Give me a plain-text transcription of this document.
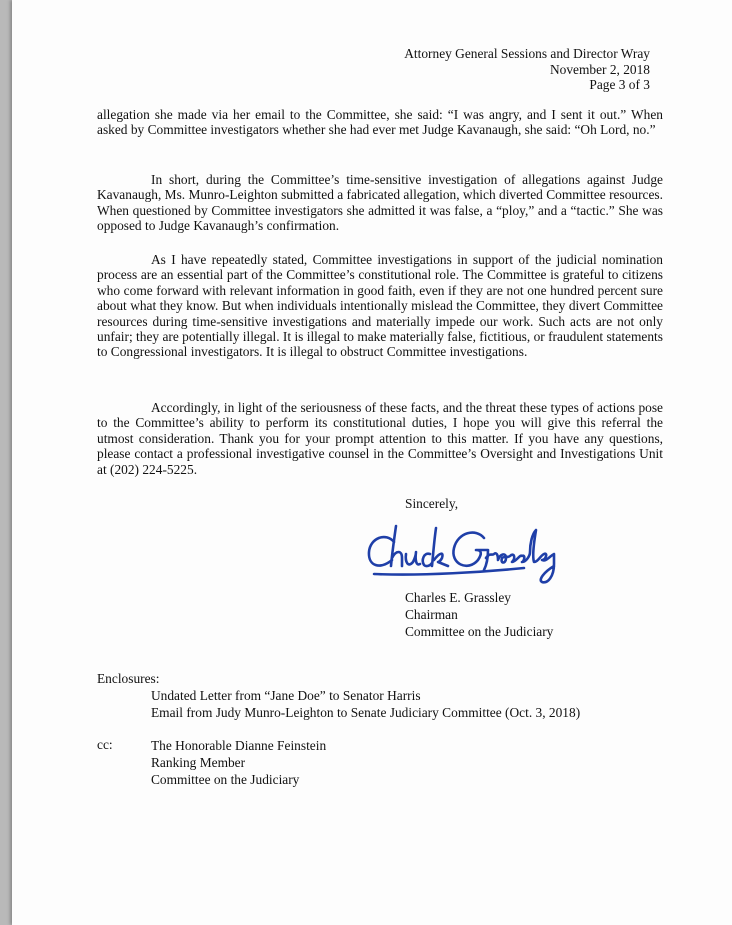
Attorney General Sessions and Director Wray
November 2, 2018
Page 3 of 3

allegation she made via her email to the Committee, she said: “I was angry, and I sent it out.” When asked by Committee investigators whether she had ever met Judge Kavanaugh, she said: “Oh Lord, no.”

In short, during the Committee’s time-sensitive investigation of allegations against Judge Kavanaugh, Ms. Munro-Leighton submitted a fabricated allegation, which diverted Committee resources. When questioned by Committee investigators she admitted it was false, a “ploy,” and a “tactic.” She was opposed to Judge Kavanaugh’s confirmation.

As I have repeatedly stated, Committee investigations in support of the judicial nomination process are an essential part of the Committee’s constitutional role. The Committee is grateful to citizens who come forward with relevant information in good faith, even if they are not one hundred percent sure about what they know. But when individuals intentionally mislead the Committee, they divert Committee resources during time-sensitive investigations and materially impede our work. Such acts are not only unfair; they are potentially illegal. It is illegal to make materially false, fictitious, or fraudulent statements to Congressional investigators. It is illegal to obstruct Committee investigations.

Accordingly, in light of the seriousness of these facts, and the threat these types of actions pose to the Committee’s ability to perform its constitutional duties, I hope you will give this referral the utmost consideration. Thank you for your prompt attention to this matter. If you have any questions, please contact a professional investigative counsel in the Committee’s Oversight and Investigations Unit at (202) 224-5225.

Sincerely,
Charles E. Grassley
Chairman
Committee on the Judiciary
Enclosures:
Undated Letter from “Jane Doe” to Senator Harris
Email from Judy Munro-Leighton to Senate Judiciary Committee (Oct. 3, 2018)
cc:	The Honorable Dianne Feinstein
Ranking Member
Committee on the Judiciary
